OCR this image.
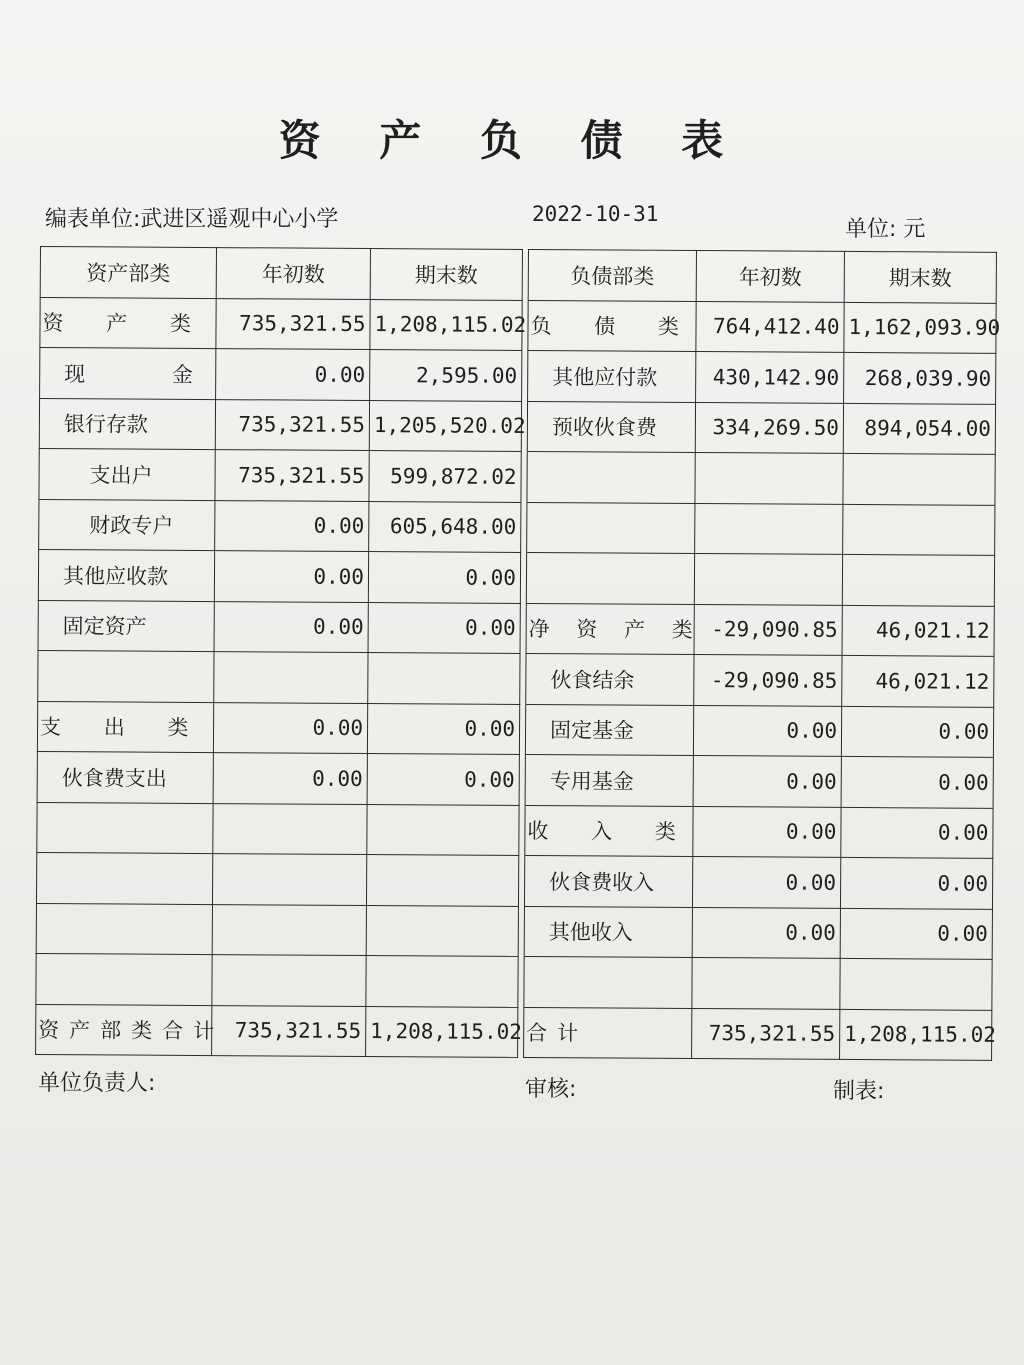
资 产 负 债 表
编表单位:武进区遥观中心小学	2022-10-31
单位: 元
资产部类	年初数	期末数		负债部类	年初数	期末数
资 产 类	735,321.55	1,208,115.02		负 债 类	764,412.40	1,162,093.90
现 金	0.00	2,595.00		其他应付款	430,142.90	268,039.90
银行存款	735,321.55	1,205,520.02		预收伙食费	334,269.50	894,054.00
支出户	735,321.55	599,872.02				
财政专户	0.00	605,648.00				
其他应收款	0.00	0.00				
固定资产	0.00	0.00		净 资 产 类	-29,090.85	46,021.12
				伙食结余	-29,090.85	46,021.12
支 出 类	0.00	0.00		固定基金	0.00	0.00
伙食费支出	0.00	0.00		专用基金	0.00	0.00
				收 入 类	0.00	0.00
				伙食费收入	0.00	0.00
				其他收入	0.00	0.00

资产部类合计	735,321.55	1,208,115.02		合计	735,321.55	1,208,115.02
单位负责人:	审核:	制表:
